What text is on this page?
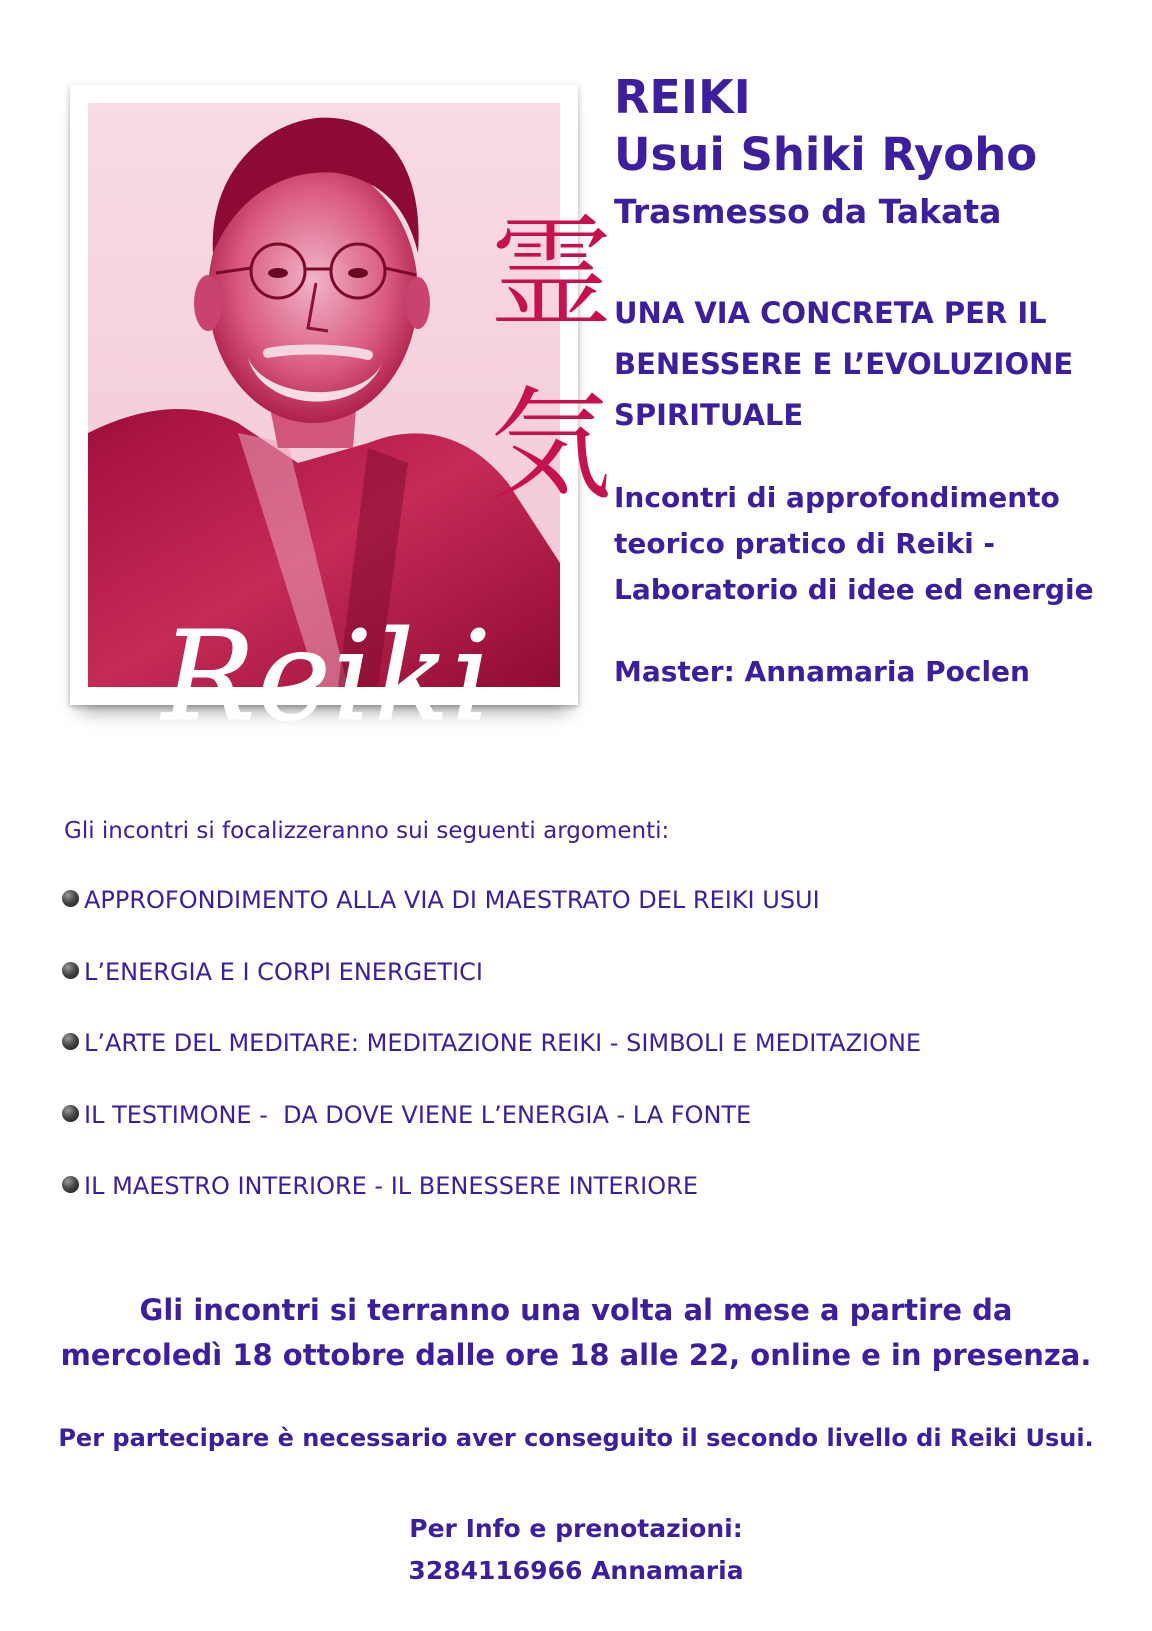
霊
気
Reiki

REIKI

Usui Shiki Ryoho

Trasmesso da Takata

UNA VIA CONCRETA PER IL
BENESSERE E L’EVOLUZIONE
SPIRITUALE

Incontri di approfondimento
teorico pratico di Reiki -
Laboratorio di idee ed energie

Master: Annamaria Poclen

Gli incontri si focalizzeranno sui seguenti argomenti:

APPROFONDIMENTO ALLA VIA DI MAESTRATO DEL REIKI USUI
L’ENERGIA E I CORPI ENERGETICI
L’ARTE DEL MEDITARE: MEDITAZIONE REIKI - SIMBOLI E MEDITAZIONE
IL TESTIMONE -  DA DOVE VIENE L’ENERGIA - LA FONTE
IL MAESTRO INTERIORE - IL BENESSERE INTERIORE

Gli incontri si terranno una volta al mese a partire da
mercoledì 18 ottobre dalle ore 18 alle 22, online e in presenza.

Per partecipare è necessario aver conseguito il secondo livello di Reiki Usui.

Per Info e prenotazioni:
3284116966 Annamaria
